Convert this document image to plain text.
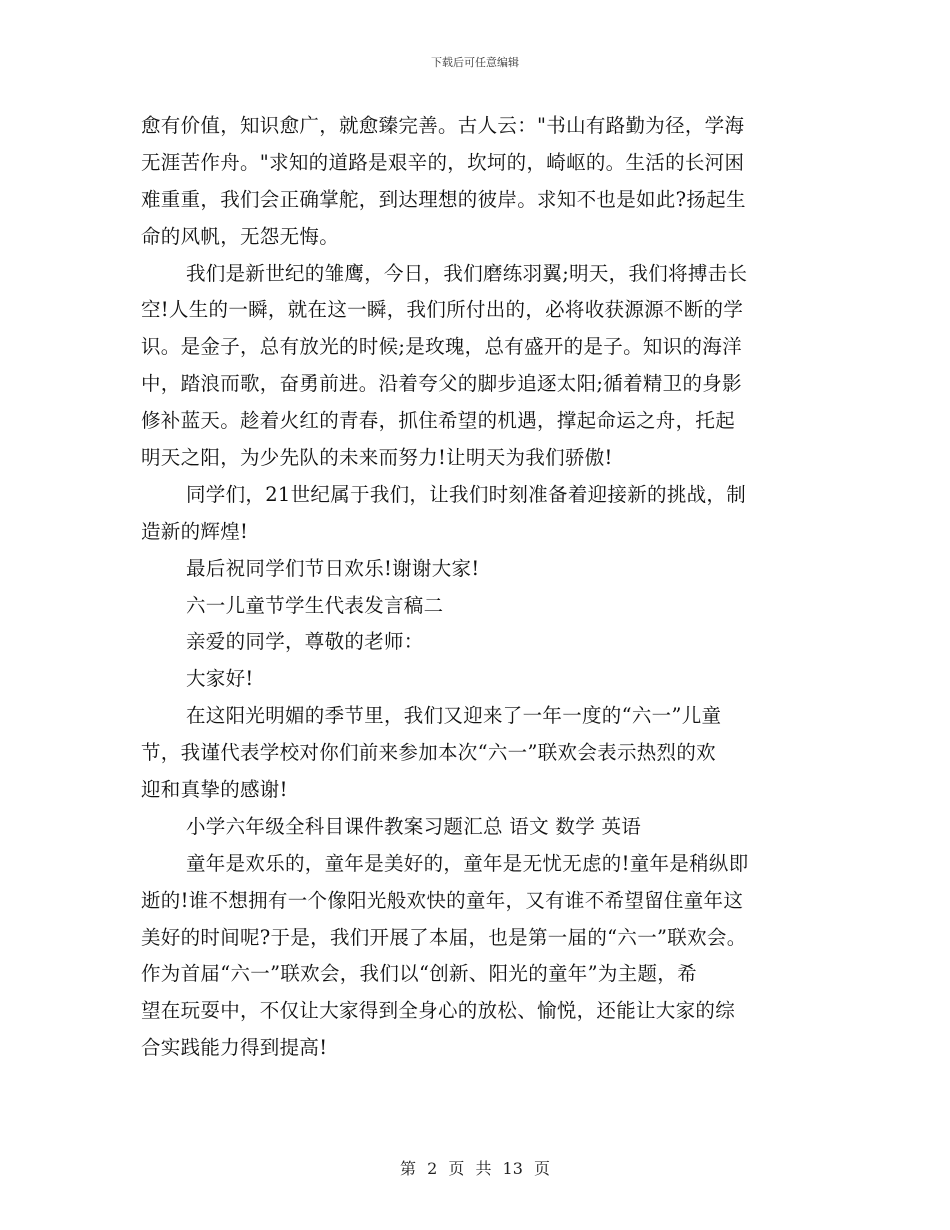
下载后可任意编辑
愈有价值，知识愈广，就愈臻完善。古人云："书山有路勤为径，学海
无涯苦作舟。"求知的道路是艰辛的，坎坷的，崎岖的。生活的长河困
难重重，我们会正确掌舵，到达理想的彼岸。求知不也是如此?扬起生
命的风帆，无怨无悔。
我们是新世纪的雏鹰，今日，我们磨练羽翼;明天，我们将搏击长
空!人生的一瞬，就在这一瞬，我们所付出的，必将收获源源不断的学
识。是金子，总有放光的时候;是玫瑰，总有盛开的是子。知识的海洋
中，踏浪而歌，奋勇前进。沿着夸父的脚步追逐太阳;循着精卫的身影
修补蓝天。趁着火红的青春，抓住希望的机遇，撑起命运之舟，托起
明天之阳，为少先队的未来而努力!让明天为我们骄傲!
同学们，21世纪属于我们，让我们时刻准备着迎接新的挑战，制
造新的辉煌!
最后祝同学们节日欢乐!谢谢大家!
六一儿童节学生代表发言稿二
亲爱的同学，尊敬的老师：
大家好!
在这阳光明媚的季节里，我们又迎来了一年一度的“六一”儿童
节，我谨代表学校对你们前来参加本次“六一”联欢会表示热烈的欢
迎和真挚的感谢!
小学六年级全科目课件教案习题汇总 语文 数学 英语
童年是欢乐的，童年是美好的，童年是无忧无虑的!童年是稍纵即
逝的!谁不想拥有一个像阳光般欢快的童年，又有谁不希望留住童年这
美好的时间呢?于是，我们开展了本届，也是第一届的“六一”联欢会。
作为首届“六一”联欢会，我们以“创新、阳光的童年”为主题，希
望在玩耍中，不仅让大家得到全身心的放松、愉悦，还能让大家的综
合实践能力得到提高!
第 2 页 共 13 页
